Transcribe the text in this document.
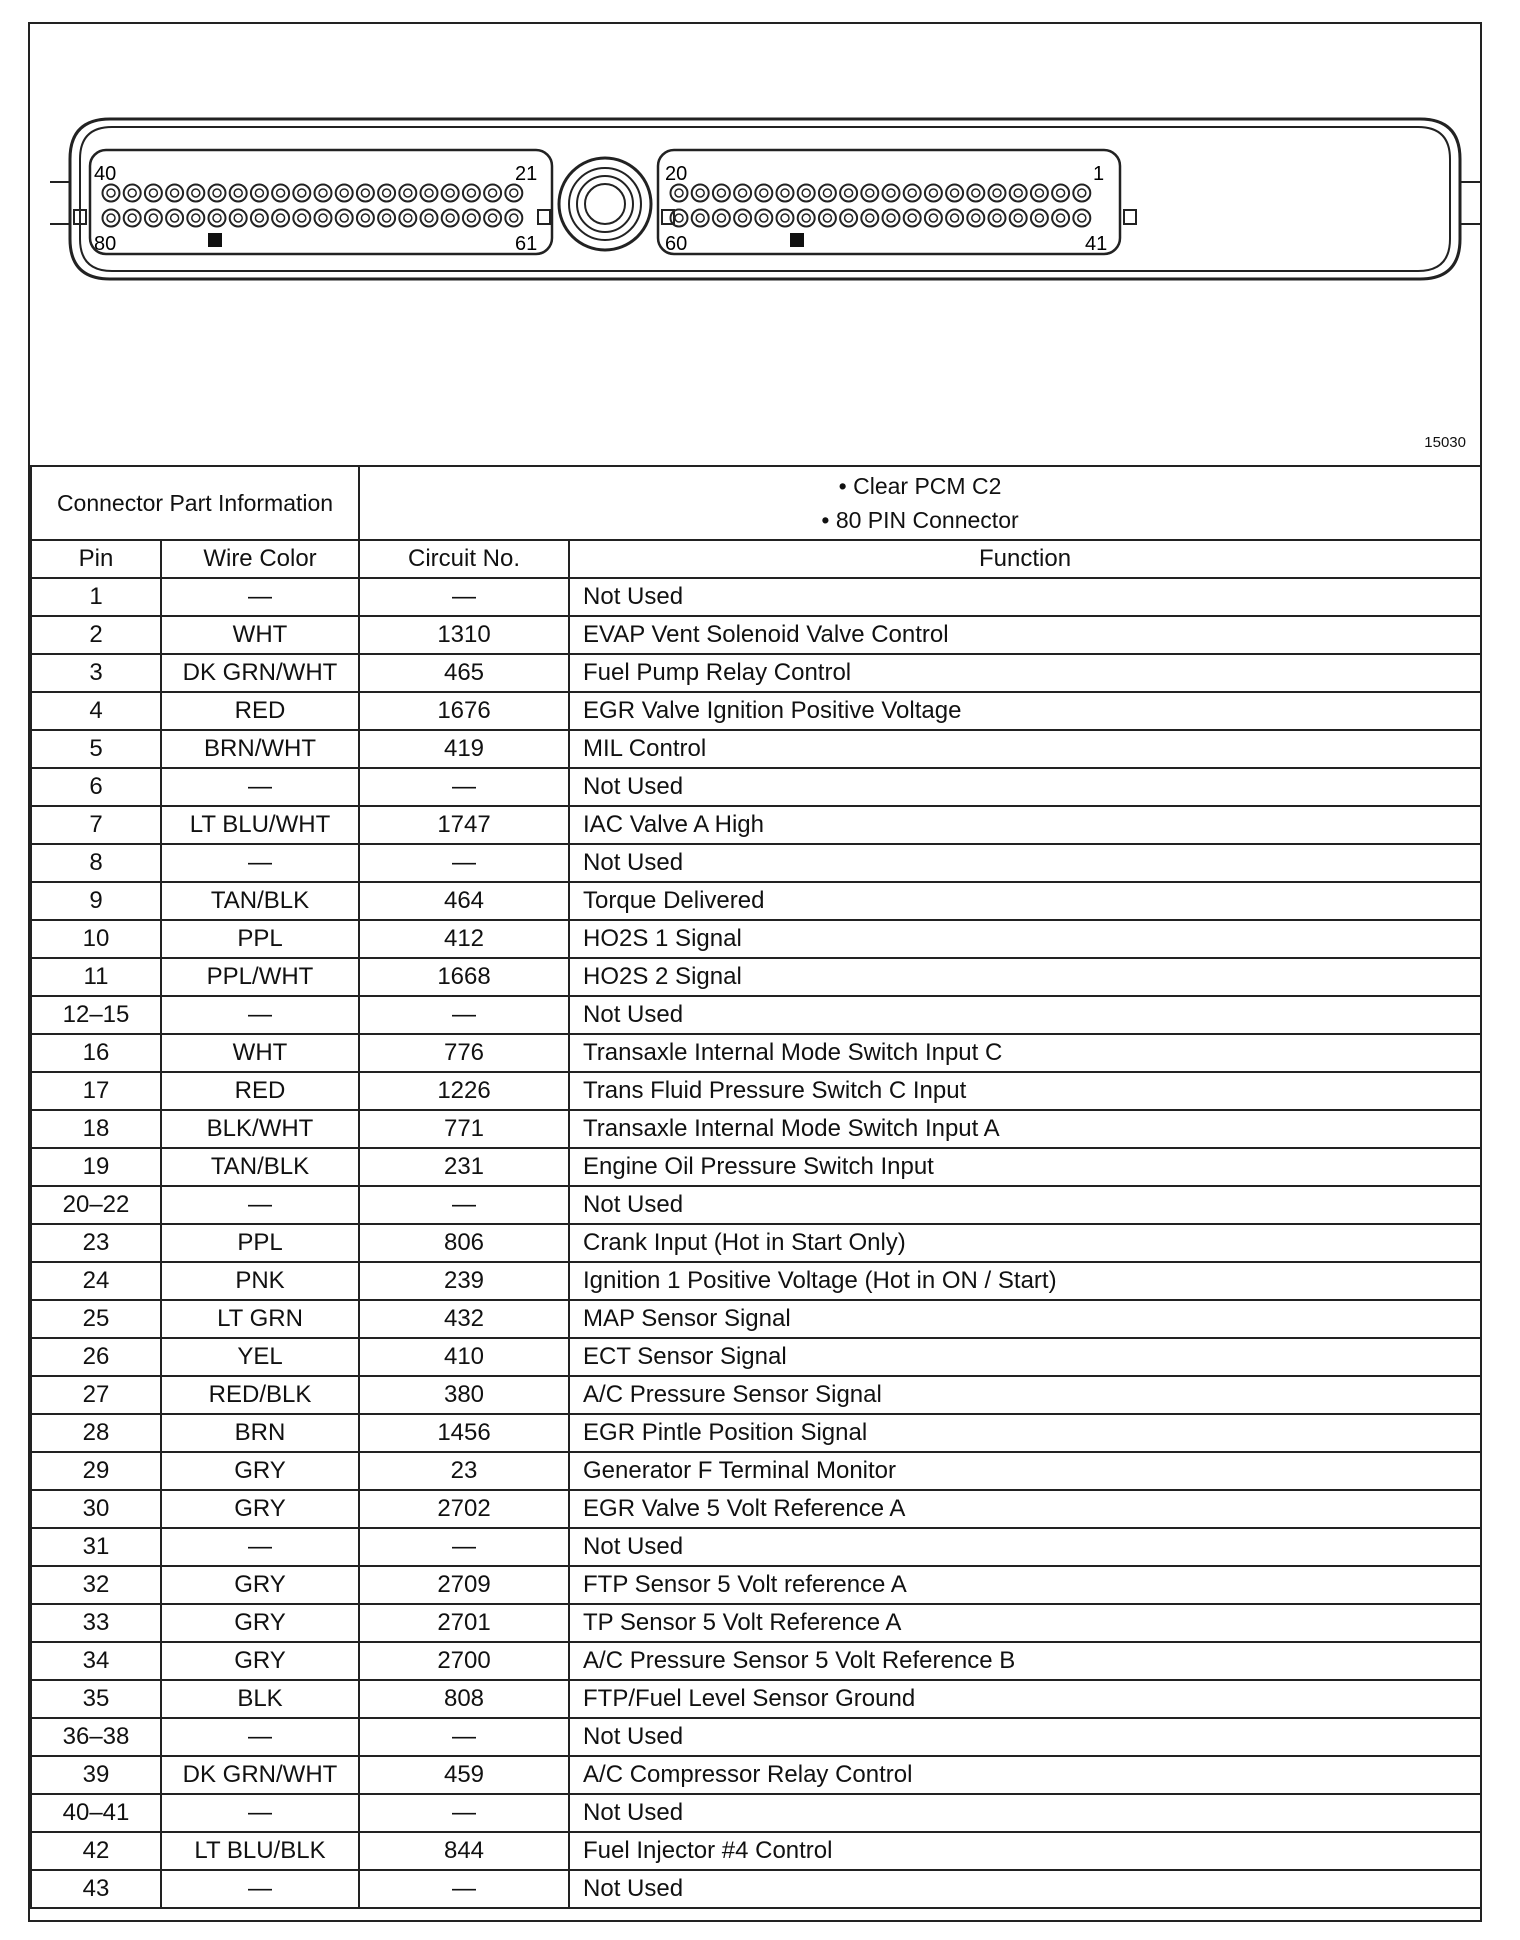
40	21
80	61
20	1
60	41
15030
Connector Part Information		• Clear PCM C2
• 80 PIN Connector

Pin	Wire Color	Circuit No.	Function
1	—	—	Not Used
2	WHT	1310	EVAP Vent Solenoid Valve Control
3	DK GRN/WHT	465	Fuel Pump Relay Control
4	RED	1676	EGR Valve Ignition Positive Voltage
5	BRN/WHT	419	MIL Control
6	—	—	Not Used
7	LT BLU/WHT	1747	IAC Valve A High
8	—	—	Not Used
9	TAN/BLK	464	Torque Delivered
10	PPL	412	HO2S 1 Signal
11	PPL/WHT	1668	HO2S 2 Signal
12–15	—	—	Not Used
16	WHT	776	Transaxle Internal Mode Switch Input C
17	RED	1226	Trans Fluid Pressure Switch C Input
18	BLK/WHT	771	Transaxle Internal Mode Switch Input A
19	TAN/BLK	231	Engine Oil Pressure Switch Input
20–22	—	—	Not Used
23	PPL	806	Crank Input (Hot in Start Only)
24	PNK	239	Ignition 1 Positive Voltage (Hot in ON / Start)
25	LT GRN	432	MAP Sensor Signal
26	YEL	410	ECT Sensor Signal
27	RED/BLK	380	A/C Pressure Sensor Signal
28	BRN	1456	EGR Pintle Position Signal
29	GRY	23	Generator F Terminal Monitor
30	GRY	2702	EGR Valve 5 Volt Reference A
31	—	—	Not Used
32	GRY	2709	FTP Sensor 5 Volt reference A
33	GRY	2701	TP Sensor 5 Volt Reference A
34	GRY	2700	A/C Pressure Sensor 5 Volt Reference B
35	BLK	808	FTP/Fuel Level Sensor Ground
36–38	—	—	Not Used
39	DK GRN/WHT	459	A/C Compressor Relay Control
40–41	—	—	Not Used
42	LT BLU/BLK	844	Fuel Injector #4 Control
43	—	—	Not Used
